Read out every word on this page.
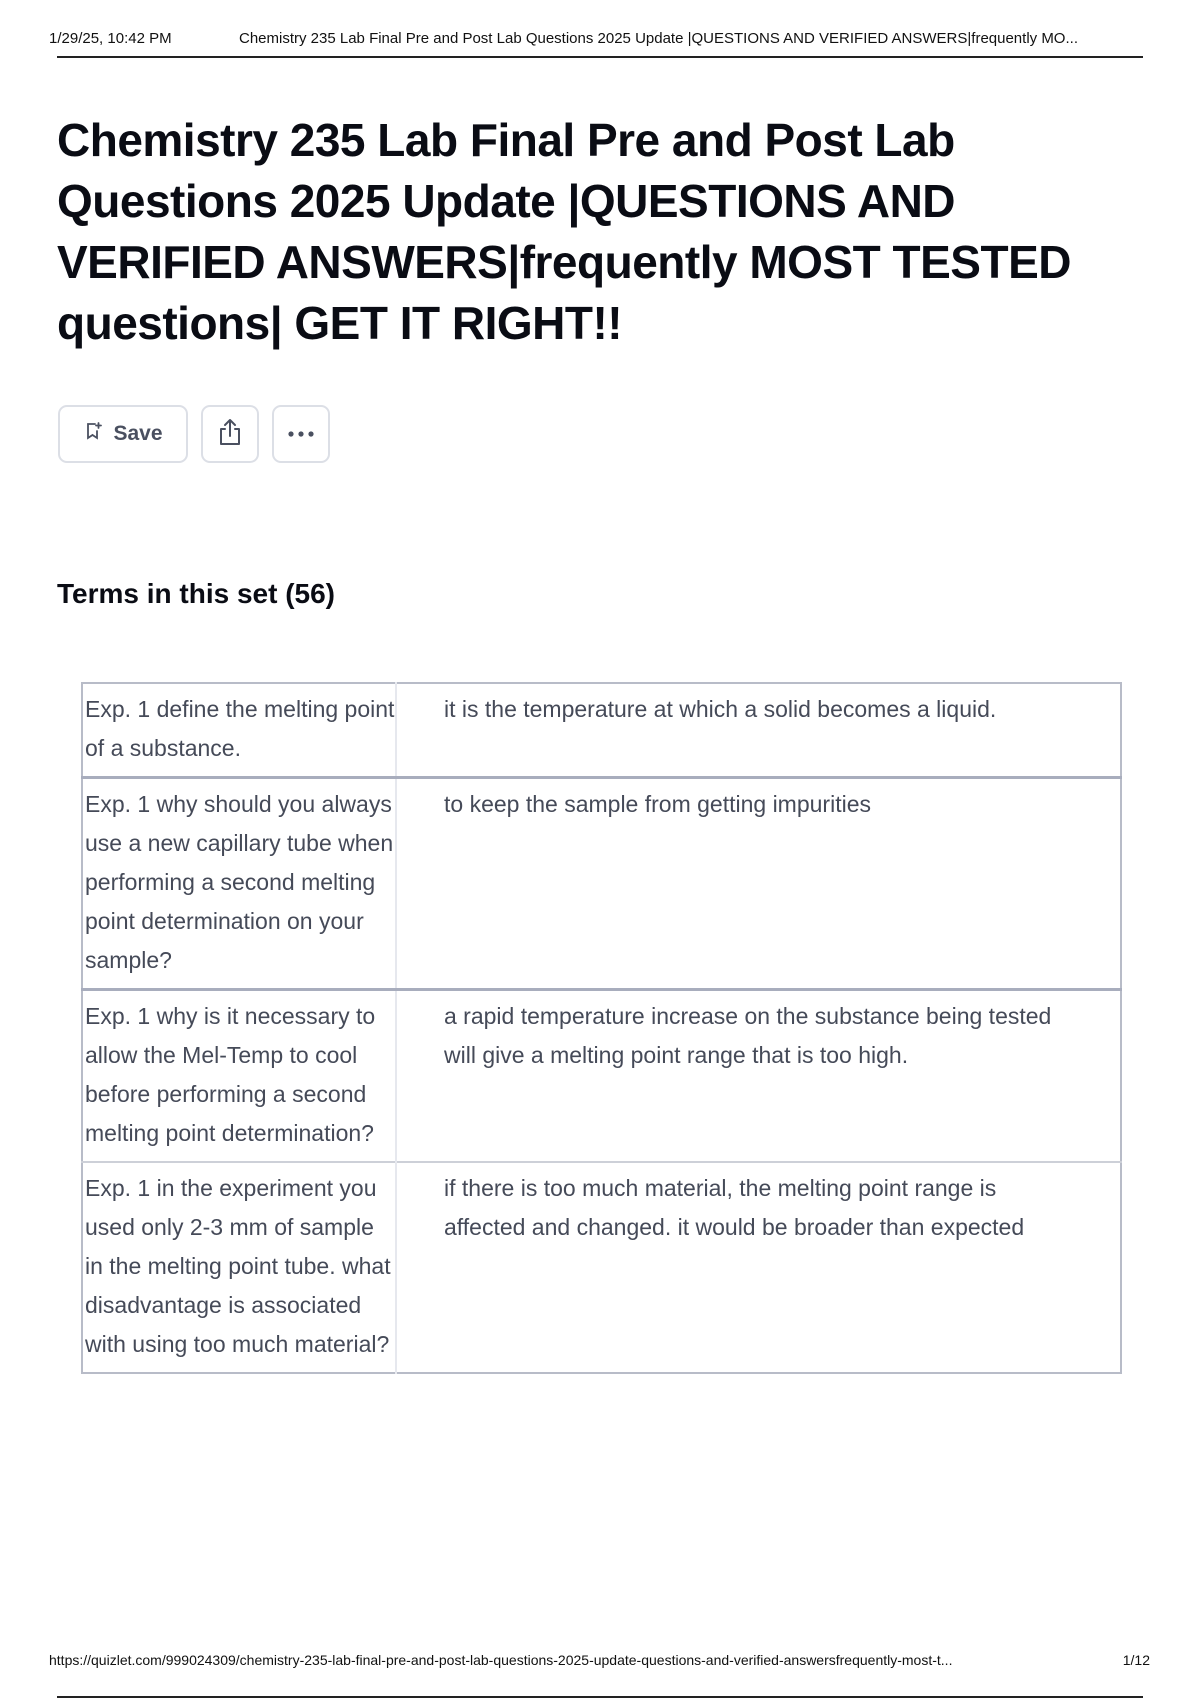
1/29/25, 10:42 PM	Chemistry 235 Lab Final Pre and Post Lab Questions 2025 Update |QUESTIONS AND VERIFIED ANSWERS|frequently MO...
Chemistry 235 Lab Final Pre and Post Lab Questions 2025 Update |QUESTIONS AND VERIFIED ANSWERS|frequently MOST TESTED questions| GET IT RIGHT!!
Save
Terms in this set (56)
Exp. 1 define the melting point of a substance.	it is the temperature at which a solid becomes a liquid.
Exp. 1 why should you always use a new capillary tube when performing a second melting point determination on your sample?	to keep the sample from getting impurities
Exp. 1 why is it necessary to allow the Mel-Temp to cool before performing a second melting point determination?	a rapid temperature increase on the substance being tested will give a melting point range that is too high.
Exp. 1 in the experiment you used only 2-3 mm of sample in the melting point tube. what disadvantage is associated with using too much material?	if there is too much material, the melting point range is affected and changed. it would be broader than expected
https://quizlet.com/999024309/chemistry-235-lab-final-pre-and-post-lab-questions-2025-update-questions-and-verified-answersfrequently-most-t...	1/12
